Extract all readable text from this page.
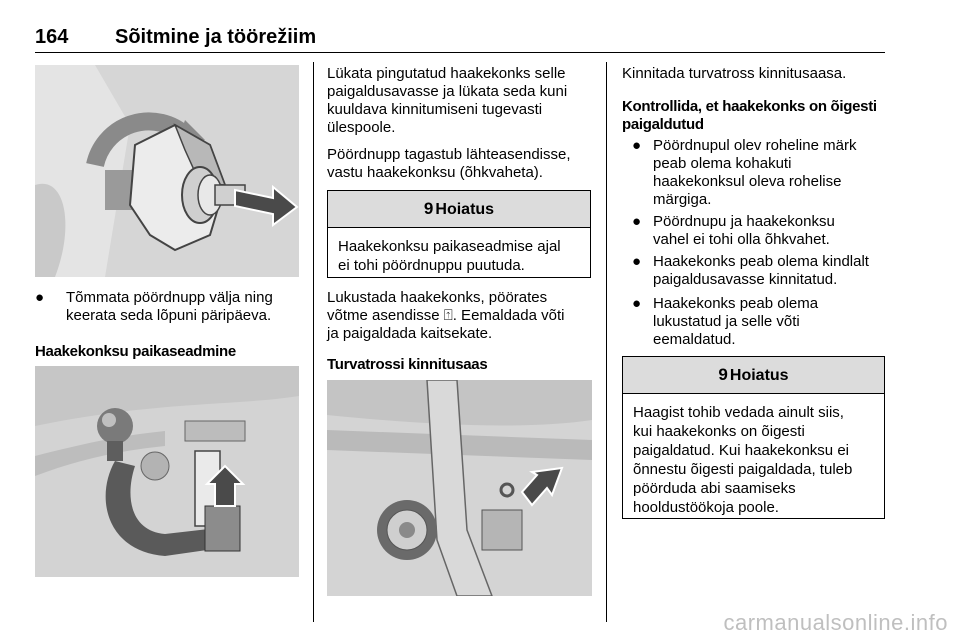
164 Sõitmine ja töörežiim
●	Tõmmata pöördnupp välja ning
keerata seda lõpuni päripäeva.
Haakekonksu paikaseadmine
Lükata pingutatud haakekonks selle
paigaldusavasse ja lükata seda kuni
kuuldava kinnitumiseni tugevasti
ülespoole.
Pöördnupp tagastub lähteasendisse,
vastu haakekonksu (õhkvaheta).
9 Hoiatus
Haakekonksu paikaseadmise ajal
ei tohi pöördnuppu puutuda.
Lukustada haakekonks, pöörates
võtme asendisse ⍐. Eemaldada võti
ja paigaldada kaitsekate.
Turvatrossi kinnitusaas
Kinnitada turvatross kinnitusaasa.
Kontrollida, et haakekonks on õigesti
paigaldutud
● Pöördnupul olev roheline märk
peab olema kohakuti
haakekonksul oleva rohelise
märgiga.
● Pöördnupu ja haakekonksu
vahel ei tohi olla õhkvahet.
● Haakekonks peab olema kindlalt
paigaldusavasse kinnitatud.
● Haakekonks peab olema
lukustatud ja selle võti
eemaldatud.
9 Hoiatus
Haagist tohib vedada ainult siis,
kui haakekonks on õigesti
paigaldatud. Kui haakekonksu ei
õnnestu õigesti paigaldada, tuleb
pöörduda abi saamiseks
hooldustöökoja poole.
carmanualsonline.info
